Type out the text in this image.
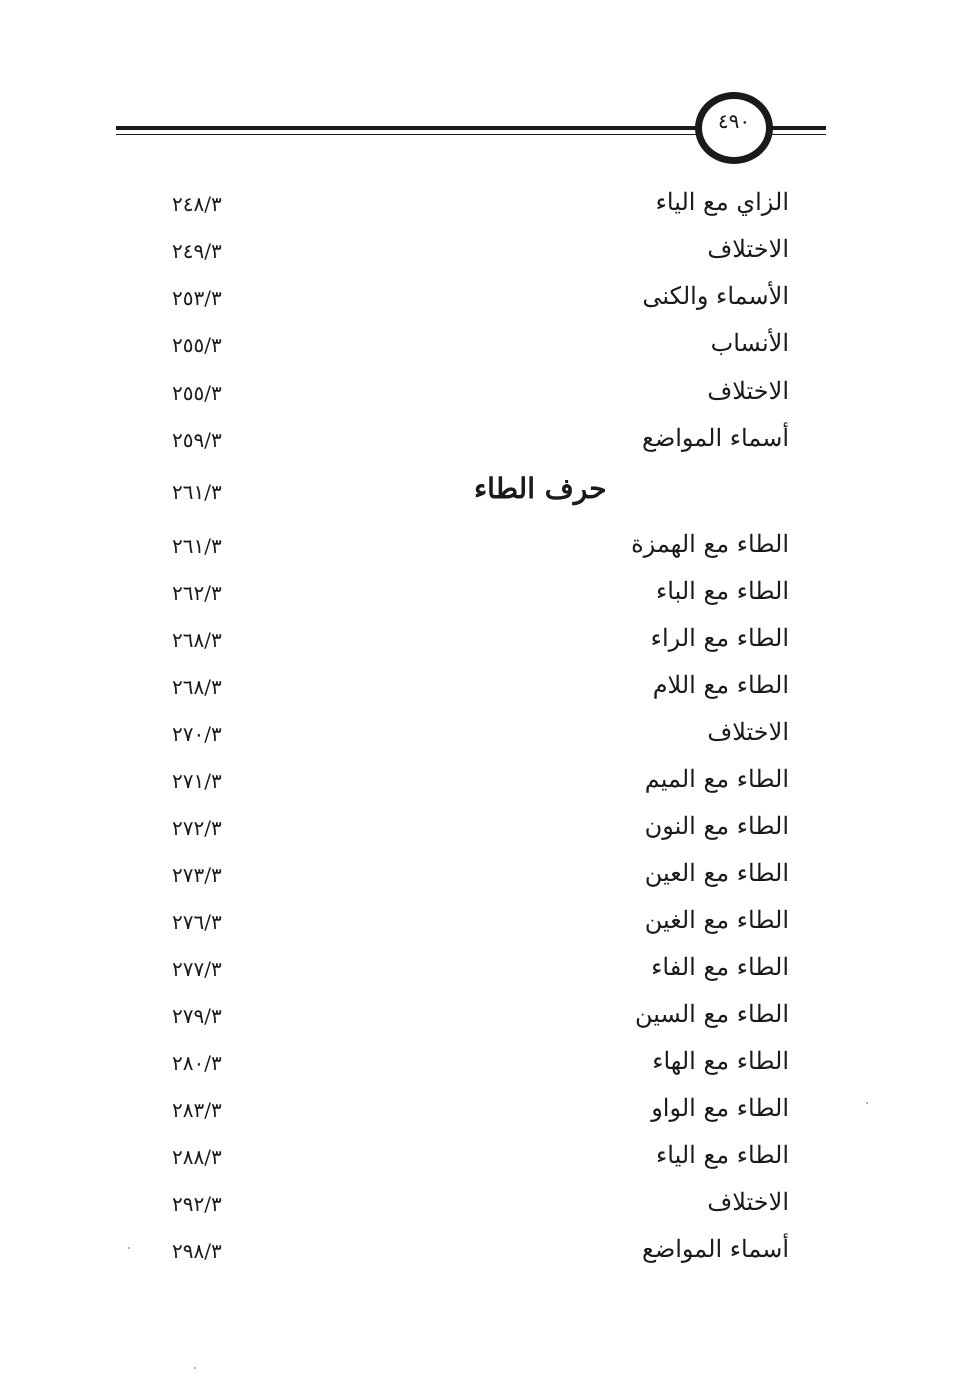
٤٩٠
الزاي مع الياء
٢٤٨/٣
الاختلاف
٢٤٩/٣
الأسماء والكنى
٢٥٣/٣
الأنساب
٢٥٥/٣
الاختلاف
٢٥٥/٣
أسماء المواضع
٢٥٩/٣
حرف الطاء
٢٦١/٣
الطاء مع الهمزة
٢٦١/٣
الطاء مع الباء
٢٦٢/٣
الطاء مع الراء
٢٦٨/٣
الطاء مع اللام
٢٦٨/٣
الاختلاف
٢٧٠/٣
الطاء مع الميم
٢٧١/٣
الطاء مع النون
٢٧٢/٣
الطاء مع العين
٢٧٣/٣
الطاء مع الغين
٢٧٦/٣
الطاء مع الفاء
٢٧٧/٣
الطاء مع السين
٢٧٩/٣
الطاء مع الهاء
٢٨٠/٣
الطاء مع الواو
٢٨٣/٣
الطاء مع الياء
٢٨٨/٣
الاختلاف
٢٩٢/٣
أسماء المواضع
٢٩٨/٣
